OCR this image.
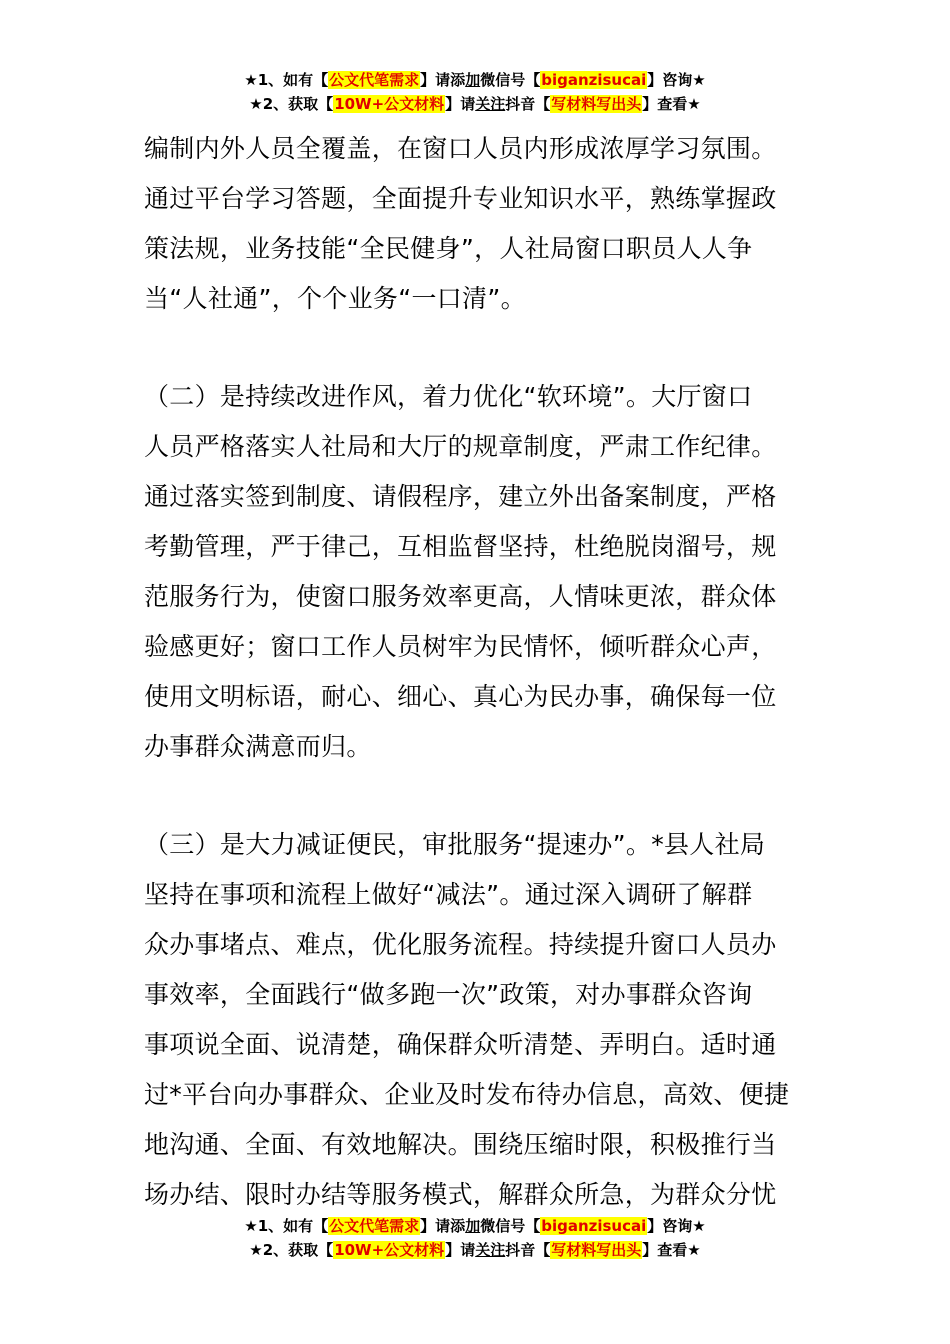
★1、如有【公文代笔需求】请添加微信号【biganzisucai】咨询★
★2、获取【10W+公文材料】请关注抖音【写材料写出头】查看★
编制内外人员全覆盖，在窗口人员内形成浓厚学习氛围。
通过平台学习答题，全面提升专业知识水平，熟练掌握政
策法规，业务技能“全民健身”，人社局窗口职员人人争
当“人社通”，个个业务“一口清”。
（二）是持续改进作风，着力优化“软环境”。大厅窗口
人员严格落实人社局和大厅的规章制度，严肃工作纪律。
通过落实签到制度、请假程序，建立外出备案制度，严格
考勤管理，严于律己，互相监督坚持，杜绝脱岗溜号，规
范服务行为，使窗口服务效率更高，人情味更浓，群众体
验感更好；窗口工作人员树牢为民情怀，倾听群众心声，
使用文明标语，耐心、细心、真心为民办事，确保每一位
办事群众满意而归。
（三）是大力减证便民，审批服务“提速办”。*县人社局
坚持在事项和流程上做好“减法”。通过深入调研了解群
众办事堵点、难点，优化服务流程。持续提升窗口人员办
事效率，全面践行“做多跑一次”政策，对办事群众咨询
事项说全面、说清楚，确保群众听清楚、弄明白。适时通
过*平台向办事群众、企业及时发布待办信息，高效、便捷
地沟通、全面、有效地解决。围绕压缩时限，积极推行当
场办结、限时办结等服务模式，解群众所急，为群众分忧
★1、如有【公文代笔需求】请添加微信号【biganzisucai】咨询★
★2、获取【10W+公文材料】请关注抖音【写材料写出头】查看★
